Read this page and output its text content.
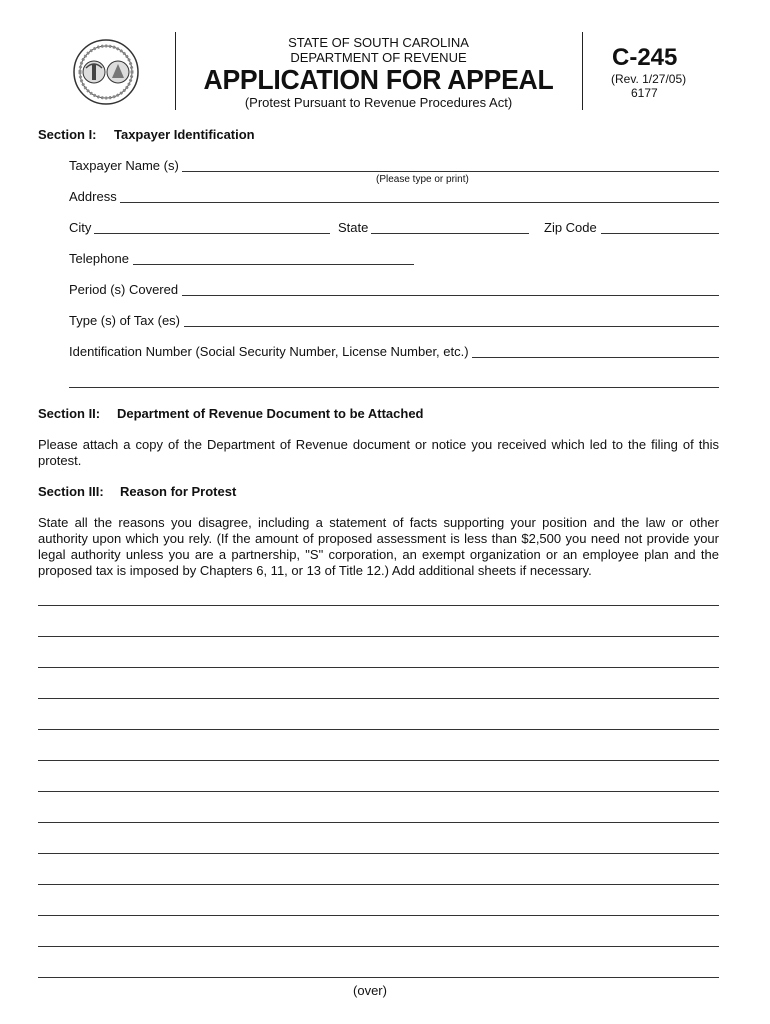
STATE OF SOUTH CAROLINA
DEPARTMENT OF REVENUE
APPLICATION FOR APPEAL
(Protest Pursuant to Revenue Procedures Act)
C-245
(Rev. 1/27/05)
6177
Section I: Taxpayer Identification
Taxpayer Name (s)
(Please type or print)
Address
City	State	Zip Code
Telephone
Period (s) Covered
Type (s) of Tax (es)
Identification Number (Social Security Number, License Number, etc.)
Section II: Department of Revenue Document to be Attached
Please attach a copy of the Department of Revenue document or notice you received which led to the filing of this protest.
Section III: Reason for Protest
State all the reasons you disagree, including a statement of facts supporting your position and the law or other authority upon which you rely. (If the amount of proposed assessment is less than $2,500 you need not provide your legal authority unless you are a partnership, "S" corporation, an exempt organization or an employee plan and the proposed tax is imposed by Chapters 6, 11, or 13 of Title 12.) Add additional sheets if necessary.
(over)
